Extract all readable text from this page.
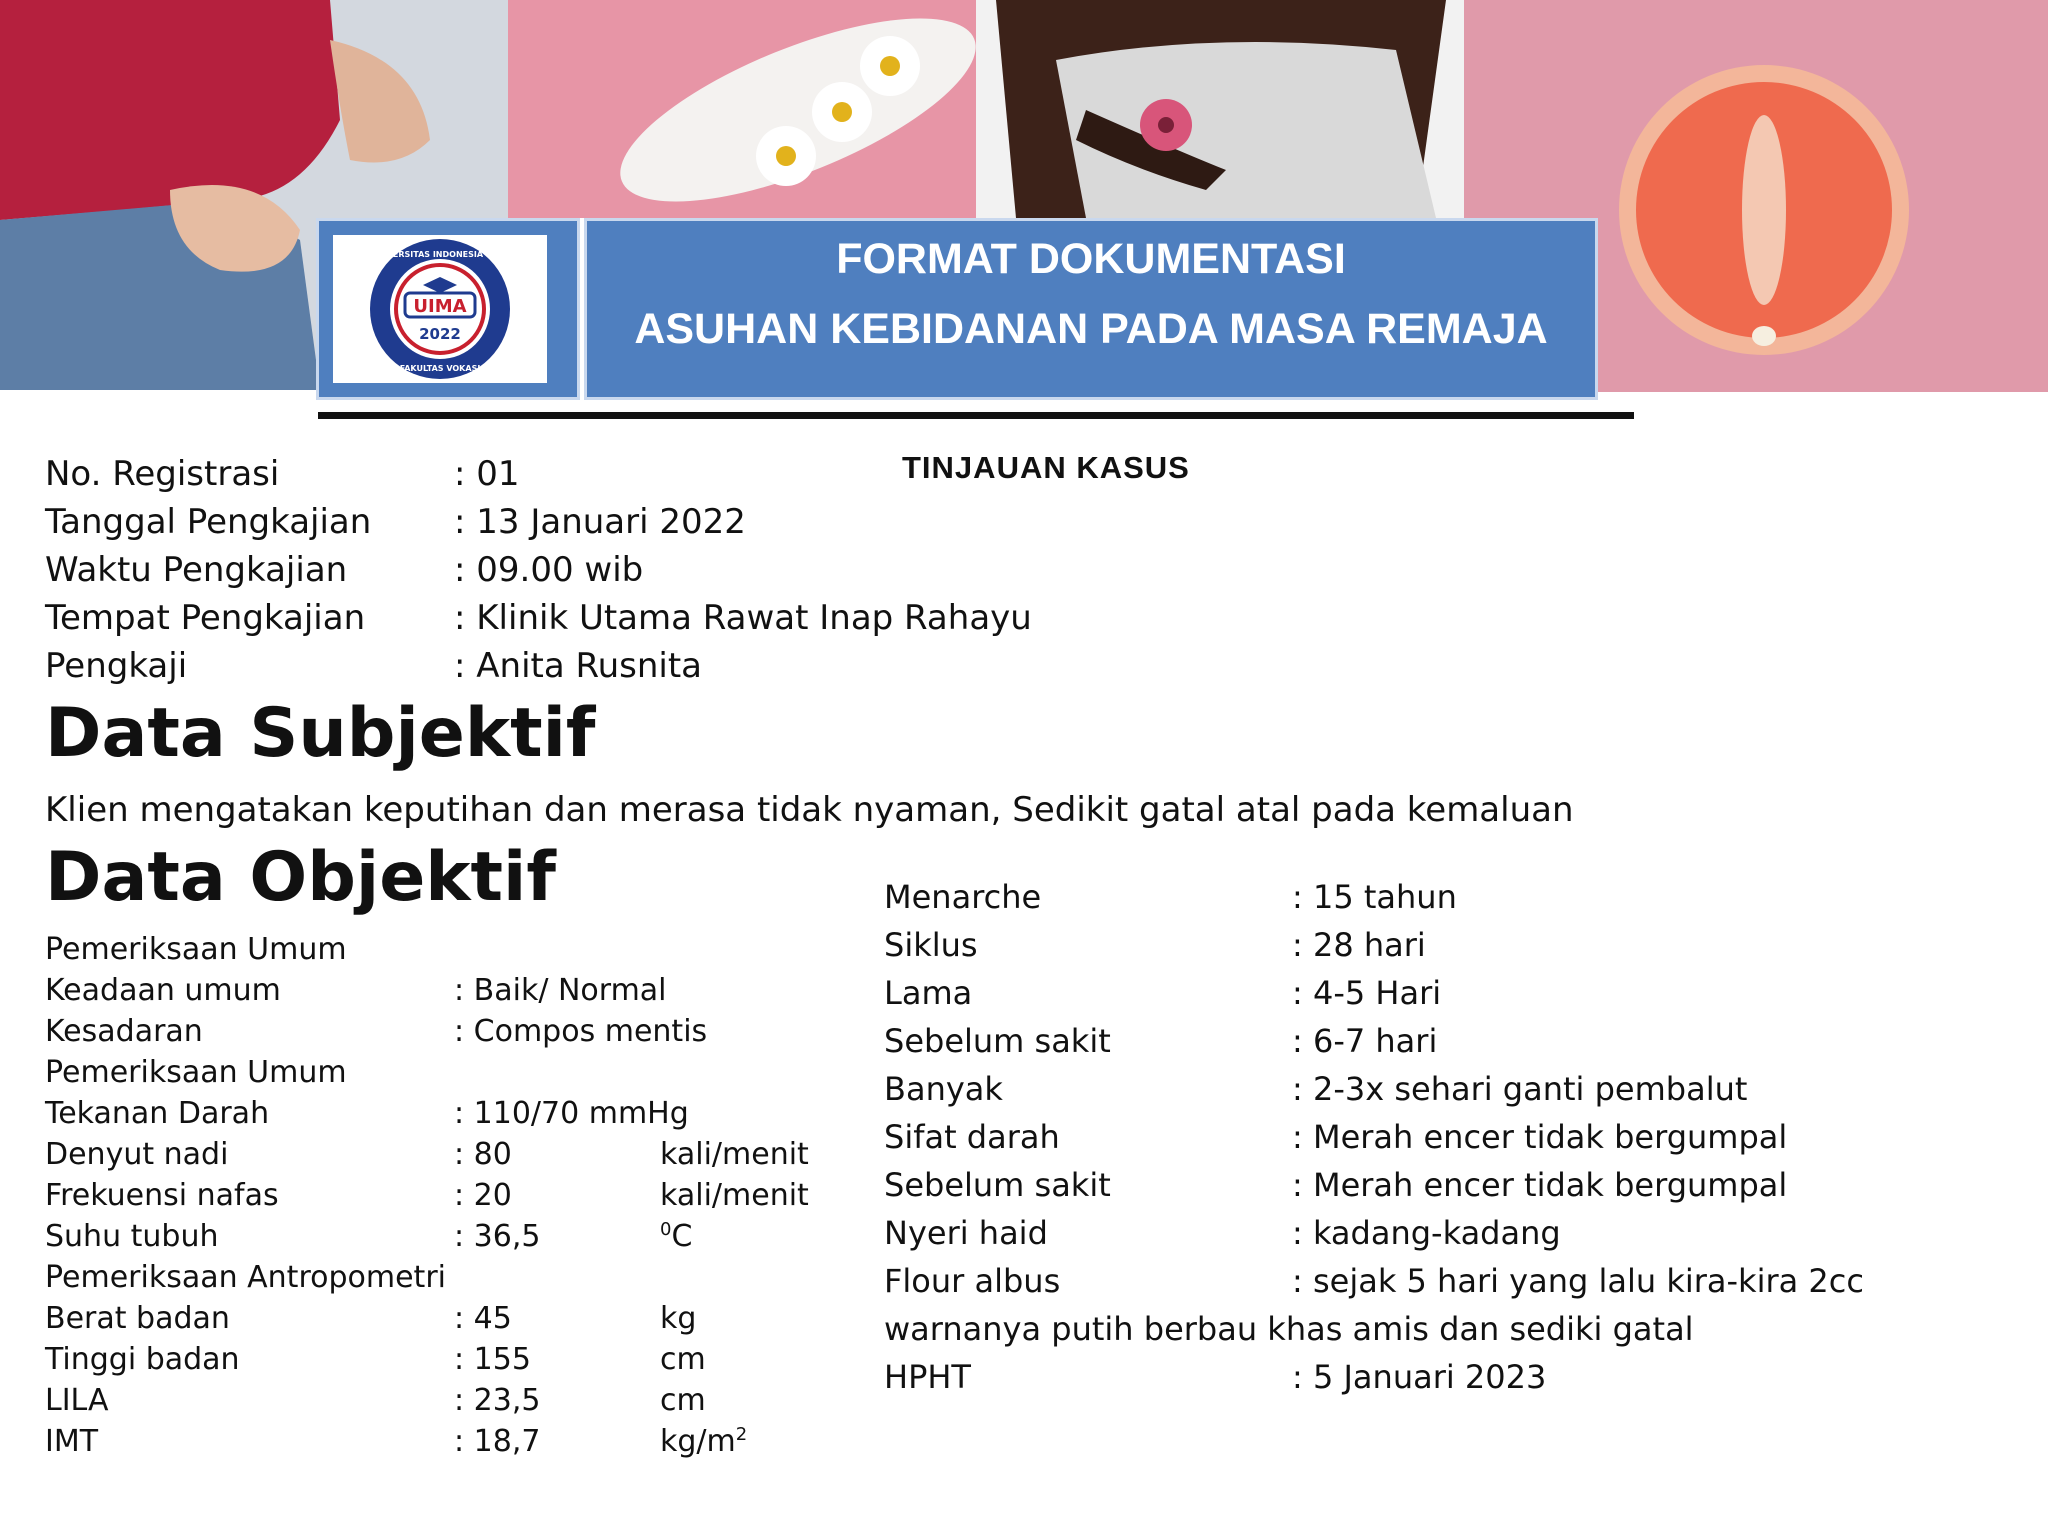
UIMA
2022
UNIVERSITAS INDONESIA MAJU
FAKULTAS VOKASI
FORMAT DOKUMENTASI
ASUHAN KEBIDANAN PADA MASA REMAJA
TINJAUAN KASUS
No. Registrasi	: 01
Tanggal Pengkajian : 13 Januari 2022
Waktu Pengkajian	: 09.00 wib
Tempat Pengkajian	: Klinik Utama Rawat Inap Rahayu
Pengkaji	: Anita Rusnita
Data Subjektif
Klien mengatakan keputihan dan merasa tidak nyaman, Sedikit gatal atal pada kemaluan
Data Objektif
Pemeriksaan Umum
Keadaan umum	: Baik/ Normal
Kesadaran	: Compos mentis
Pemeriksaan Umum
Tekanan Darah	: 110/70 mmHg
Denyut nadi	: 80	kali/menit
Frekuensi nafas	: 20	kali/menit
Suhu tubuh	: 36,5	$^0$C
Pemeriksaan Antropometri
Berat badan	: 45	kg
Tinggi badan	: 155	cm
LILA	: 23,5	cm
IMT	: 18,7	$kg/m^2$
Menarche	: 15 tahun
Siklus	: 28 hari
Lama	: 4-5 Hari
Sebelum sakit	: 6-7 hari
Banyak	: 2-3x sehari ganti pembalut
Sifat darah	: Merah encer tidak bergumpal
Sebelum sakit	: Merah encer tidak bergumpal
Nyeri haid	: kadang-kadang
Flour albus	: sejak 5 hari yang lalu kira-kira 2cc
warnanya putih berbau khas amis dan sediki gatal
HPHT	: 5 Januari 2023
